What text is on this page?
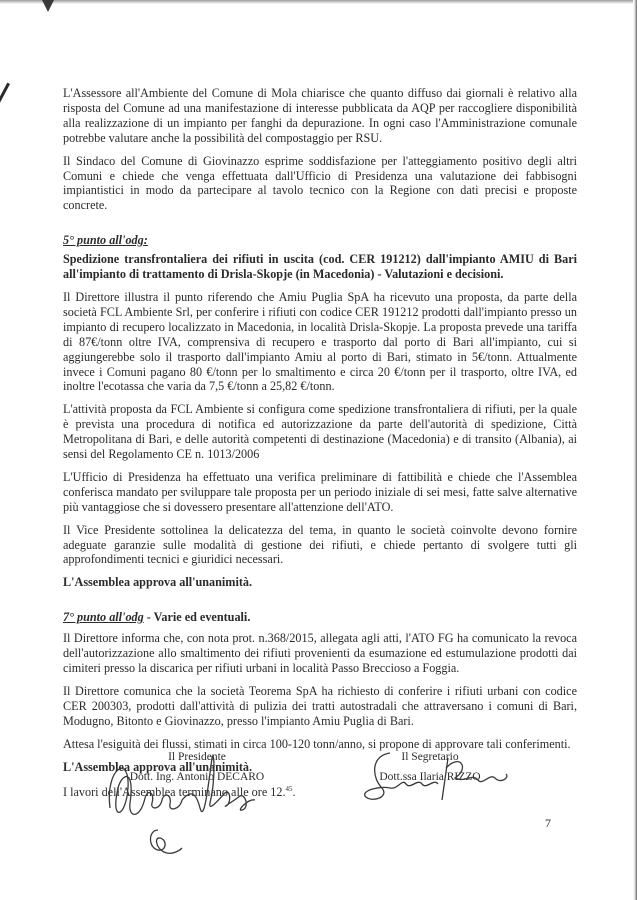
L'Assessore all'Ambiente del Comune di Mola chiarisce che quanto diffuso dai giornali è relativo alla risposta del Comune ad una manifestazione di interesse pubblicata da AQP per raccogliere disponibilità alla realizzazione di un impianto per fanghi da depurazione. In ogni caso l'Amministrazione comunale potrebbe valutare anche la possibilità del compostaggio per RSU.

Il Sindaco del Comune di Giovinazzo esprime soddisfazione per l'atteggiamento positivo degli altri Comuni e chiede che venga effettuata dall'Ufficio di Presidenza una valutazione dei fabbisogni impiantistici in modo da partecipare al tavolo tecnico con la Regione con dati precisi e proposte concrete.

5° punto all'odg:

Spedizione transfrontaliera dei rifiuti in uscita (cod. CER 191212) dall'impianto AMIU di Bari all'impianto di trattamento di Drisla-Skopje (in Macedonia) - Valutazioni e decisioni.

Il Direttore illustra il punto riferendo che Amiu Puglia SpA ha ricevuto una proposta, da parte della società FCL Ambiente Srl, per conferire i rifiuti con codice CER 191212 prodotti dall'impianto presso un impianto di recupero localizzato in Macedonia, in località Drisla-Skopje. La proposta prevede una tariffa di 87€/tonn oltre IVA, comprensiva di recupero e trasporto dal porto di Bari all'impianto, cui si aggiungerebbe solo il trasporto dall'impianto Amiu al porto di Bari, stimato in 5€/tonn. Attualmente invece i Comuni pagano 80 €/tonn per lo smaltimento e circa 20 €/tonn per il trasporto, oltre IVA, ed inoltre l'ecotassa che varia da 7,5 €/tonn a 25,82 €/tonn.

L'attività proposta da FCL Ambiente si configura come spedizione transfrontaliera di rifiuti, per la quale è prevista una procedura di notifica ed autorizzazione da parte dell'autorità di spedizione, Città Metropolitana di Bari, e delle autorità competenti di destinazione (Macedonia) e di transito (Albania), ai sensi del Regolamento CE n. 1013/2006

L'Ufficio di Presidenza ha effettuato una verifica preliminare di fattibilità e chiede che l'Assemblea conferisca mandato per sviluppare tale proposta per un periodo iniziale di sei mesi, fatte salve alternative più vantaggiose che si dovessero presentare all'attenzione dell'ATO.

Il Vice Presidente sottolinea la delicatezza del tema, in quanto le società coinvolte devono fornire adeguate garanzie sulle modalità di gestione dei rifiuti, e chiede pertanto di svolgere tutti gli approfondimenti tecnici e giuridici necessari.

L'Assemblea approva all'unanimità.

7° punto all'odg - Varie ed eventuali.

Il Direttore informa che, con nota prot. n.368/2015, allegata agli atti, l'ATO FG ha comunicato la revoca dell'autorizzazione allo smaltimento dei rifiuti provenienti da esumazione ed estumulazione prodotti dai cimiteri presso la discarica per rifiuti urbani in località Passo Breccioso a Foggia.

Il Direttore comunica che la società Teorema SpA ha richiesto di conferire i rifiuti urbani con codice CER 200303, prodotti dall'attività di pulizia dei tratti autostradali che attraversano i comuni di Bari, Modugno, Bitonto e Giovinazzo, presso l'impianto Amiu Puglia di Bari.

Attesa l'esiguità dei flussi, stimati in circa 100-120 tonn/anno, si propone di approvare tali conferimenti.

L'Assemblea approva all'unanimità.

I lavori dell'Assemblea terminano alle ore 12.45.

Il Presidente
Dott. Ing. Antonio DECARO
Il Segretario
Dott.ssa Ilaria RIZZO
7
